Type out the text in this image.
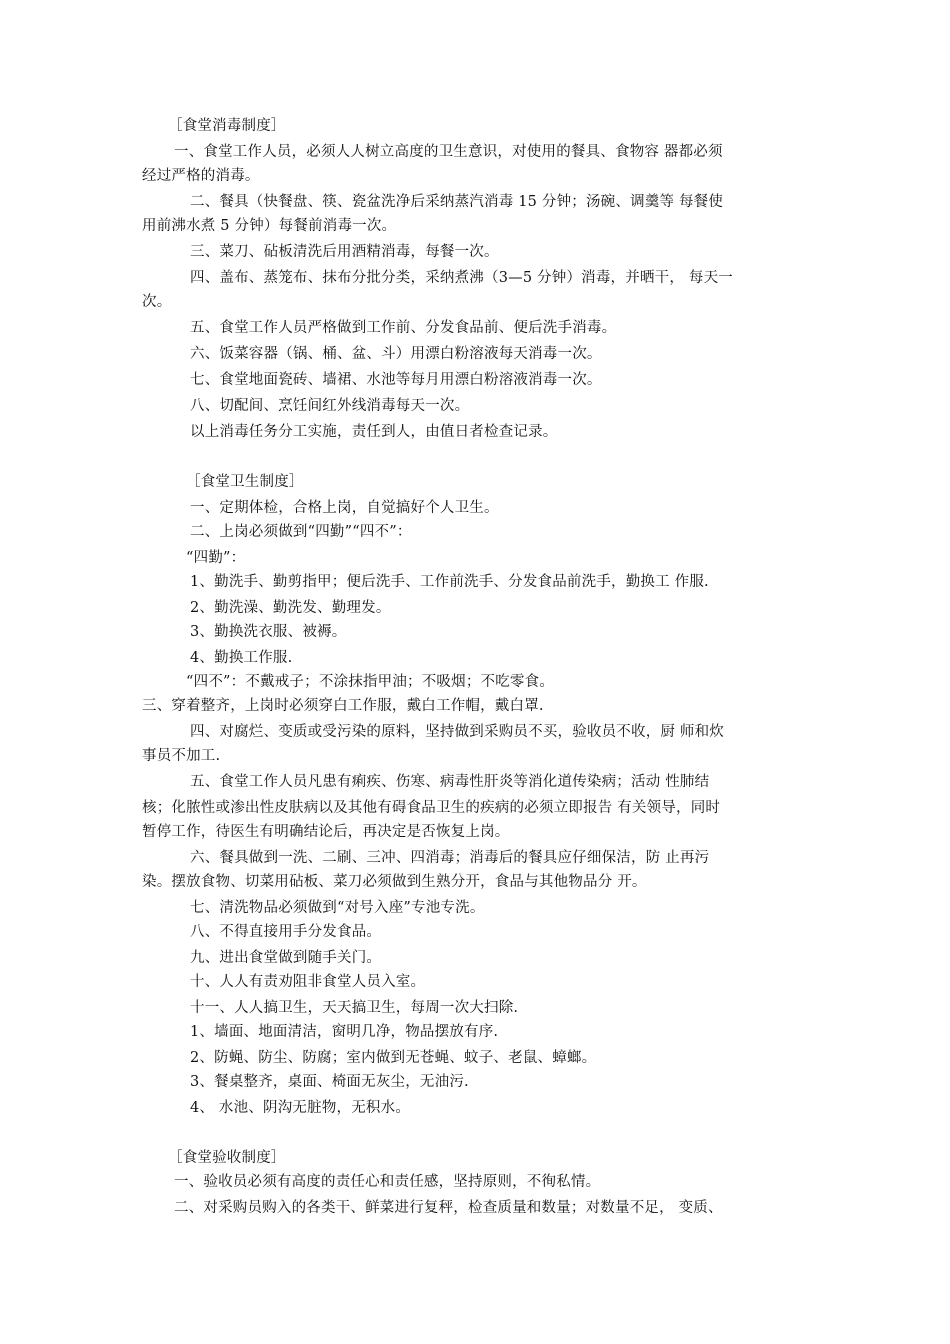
［食堂消毒制度］
一、食堂工作人员，必须人人树立高度的卫生意识，对使用的餐具、食物容 器都必须
经过严格的消毒。
二、餐具（快餐盘、筷、瓷盆洗净后采纳蒸汽消毒 15 分钟；汤碗、调羹等 每餐使
用前沸水煮 5 分钟）每餐前消毒一次。
三、菜刀、砧板清洗后用酒精消毒，每餐一次。
四、盖布、蒸笼布、抹布分批分类，采纳煮沸（3—5 分钟）消毒，并晒干， 每天一
次。
五、食堂工作人员严格做到工作前、分发食品前、便后洗手消毒。
六、饭菜容器（锅、桶、盆、斗）用漂白粉溶液每天消毒一次。
七、食堂地面瓷砖、墙裙、水池等每月用漂白粉溶液消毒一次。
八、切配间、烹饪间红外线消毒每天一次。
以上消毒任务分工实施，责任到人，由值日者检查记录。
［食堂卫生制度］
一、定期体检，合格上岗，自觉搞好个人卫生。
二、上岗必须做到“四勤”“四不”：
“四勤”：
1、勤洗手、勤剪指甲；便后洗手、工作前洗手、分发食品前洗手，勤换工 作服.
2、勤洗澡、勤洗发、勤理发。
3、勤换洗衣服、被褥。
4、勤换工作服.
“四不”：不戴戒子；不涂抹指甲油；不吸烟；不吃零食。
三、穿着整齐，上岗时必须穿白工作服，戴白工作帽，戴白罩.
四、对腐烂、变质或受污染的原料，坚持做到采购员不买，验收员不收，厨 师和炊
事员不加工.
五、食堂工作人员凡患有痢疾、伤寒、病毒性肝炎等消化道传染病；活动 性肺结
核；化脓性或渗出性皮肤病以及其他有碍食品卫生的疾病的必须立即报告 有关领导，同时
暂停工作，待医生有明确结论后，再决定是否恢复上岗。
六、餐具做到一洗、二刷、三冲、四消毒；消毒后的餐具应仔细保洁，防 止再污
染。摆放食物、切菜用砧板、菜刀必须做到生熟分开，食品与其他物品分 开。
七、清洗物品必须做到“对号入座”专池专洗。
八、不得直接用手分发食品。
九、进出食堂做到随手关门。
十、人人有责劝阻非食堂人员入室。
十一、人人搞卫生，天天搞卫生，每周一次大扫除.
1、墙面、地面清洁，窗明几净，物品摆放有序.
2、防蝇、防尘、防腐；室内做到无苍蝇、蚊子、老鼠、蟑螂。
3、餐桌整齐，桌面、椅面无灰尘，无油污.
4、 水池、阴沟无脏物，无积水。
［食堂验收制度］
一、验收员必须有高度的责任心和责任感，坚持原则，不徇私情。
二、对采购员购入的各类干、鲜菜进行复秤，检查质量和数量；对数量不足， 变质、
